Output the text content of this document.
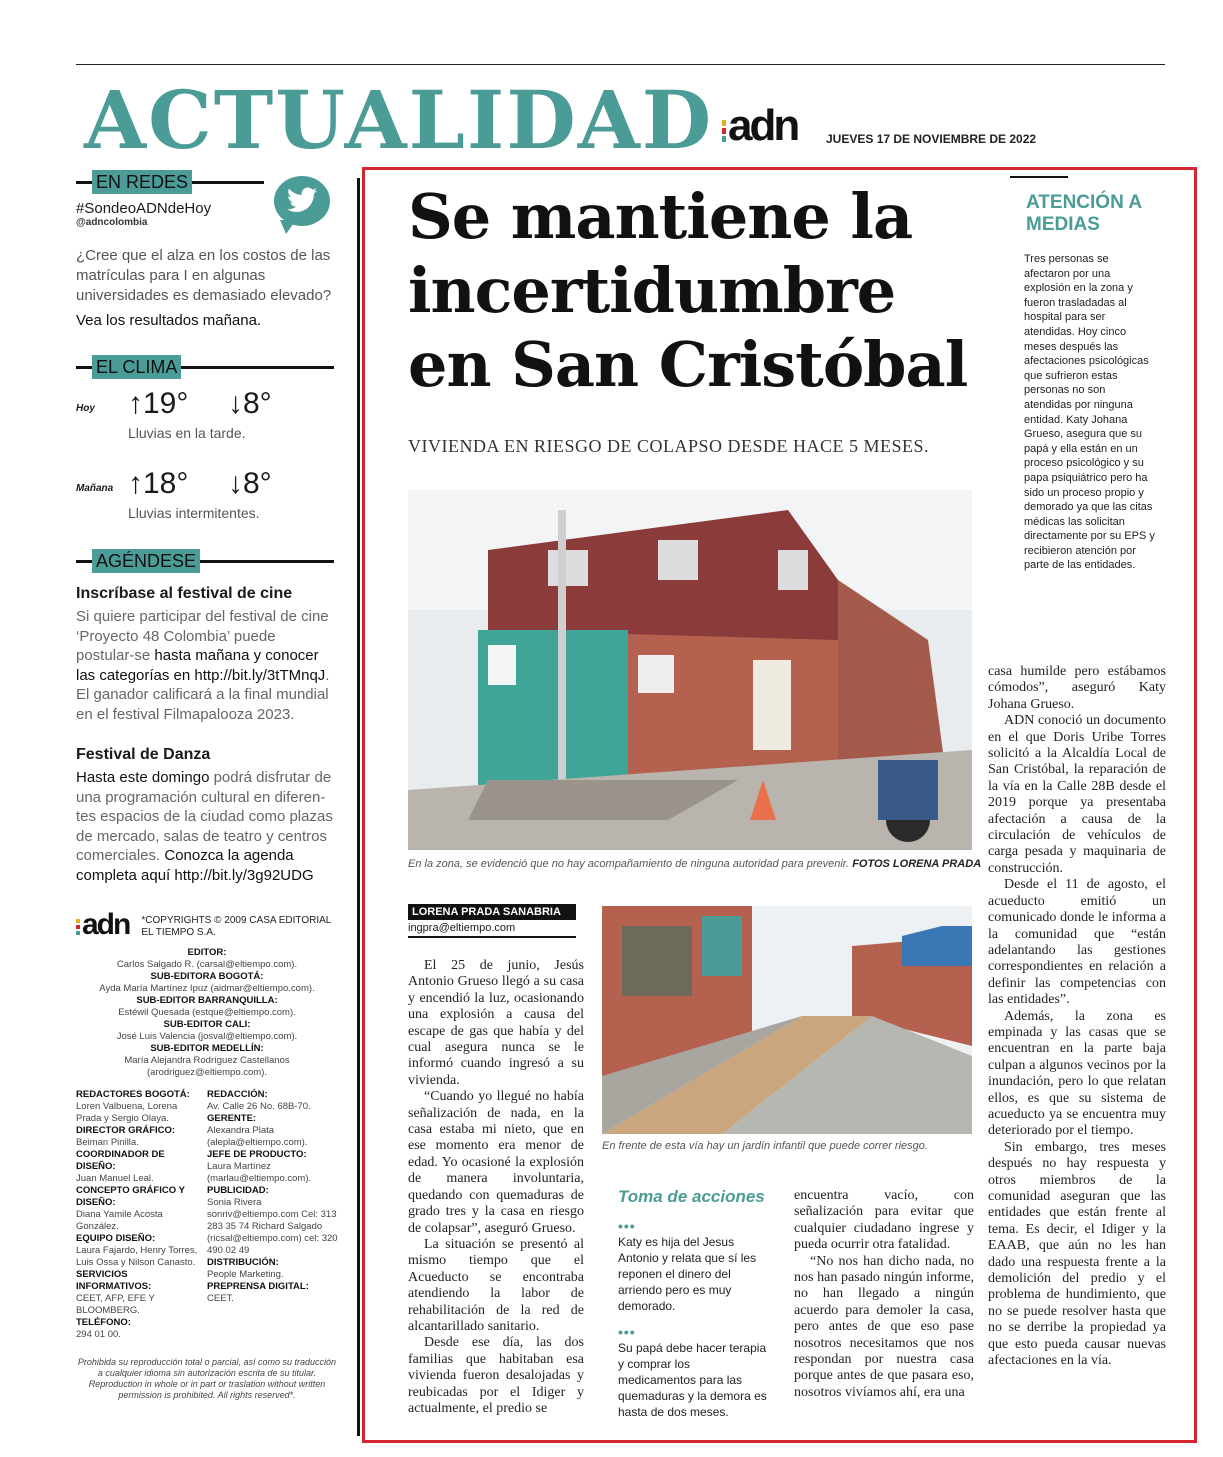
ACTUALIDAD adn JUEVES 17 DE NOVIEMBRE DE 2022
EN REDES
#SondeoADNdeHoy
@adncolombia
¿Cree que el alza en los costos de las matrículas para I en algunas universidades es demasiado elevado?
Vea los resultados mañana.
EL CLIMA
Hoy ↑19° ↓8°
Lluvias en la tarde.
Mañana ↑18° ↓8°
Lluvias intermitentes.
AGÉNDESE
Inscríbase al festival de cine
Si quiere participar del festival de cine ‘Proyecto 48 Colombia’ puede postular-se hasta mañana y conocer las categorías en http://bit.ly/3tTMnqJ. El ganador calificará a la final mundial en el festival Filmapalooza 2023.
Festival de Danza
Hasta este domingo podrá disfrutar de una programación cultural en diferen-tes espacios de la ciudad como plazas de mercado, salas de teatro y centros comerciales. Conozca la agenda completa aquí http://bit.ly/3g92UDG
adn *COPYRIGHTS © 2009 CASA EDITORIAL EL TIEMPO S.A.
EDITOR:
Carlos Salgado R. (carsal@eltiempo.com).
SUB-EDITORA BOGOTÁ:
Ayda María Martínez Ipuz (aidmar@eltiempo.com).
SUB-EDITOR BARRANQUILLA:
Estéwil Quesada (estque@eltiempo.com).
SUB-EDITOR CALI:
José Luis Valencia (josval@eltiempo.com).
SUB-EDITOR MEDELLÍN:
María Alejandra Rodríguez Castellanos (arodriguez@eltiempo.com).
REDACTORES BOGOTÁ:
Loren Valbuena, Lorena Prada y Sergio Olaya.
DIRECTOR GRÁFICO:
Beiman Pinilla.
COORDINADOR DE DISEÑO:
Juan Manuel Leal.
CONCEPTO GRÁFICO Y DISEÑO:
Diana Yamile Acosta González.
EQUIPO DISEÑO:
Laura Fajardo, Henry Torres, Luis Ossa y Nilson Canasto.
SERVICIOS INFORMATIVOS:
CEET, AFP, EFE Y BLOOMBERG.
TELÉFONO:
294 01 00.
REDACCIÓN:
Av. Calle 26 No. 68B-70.
GERENTE:
Alexandra Plata (alepla@eltiempo.com).
JEFE DE PRODUCTO:
Laura Martínez (marlau@eltiempo.com).
PUBLICIDAD:
Sonia Rivera sonriv@eltiempo.com Cel: 313 283 35 74 Richard Salgado (ricsal@eltiempo.com) cel: 320 490 02 49
DISTRIBUCIÓN:
People Marketing.
PREPRENSA DIGITAL:
CEET.
Prohibida su reproducción total o parcial, así como su traducción a cualquier idioma sin autorización escrita de su titular. Reproduction in whole or in part or traslation without written permission is prohibited. All rights reserved*.
Se mantiene la incertidumbre en San Cristóbal
VIVIENDA EN RIESGO DE COLAPSO DESDE HACE 5 MESES.
ATENCIÓN A MEDIAS
Tres personas se afectaron por una explosión en la zona y fueron trasladadas al hospital para ser atendidas. Hoy cinco meses después las afectaciones psicológicas que sufrieron estas personas no son atendidas por ninguna entidad. Katy Johana Grueso, asegura que su papá y ella están en un proceso psicológico y su papa psiquiátrico pero ha sido un proceso propio y demorado ya que las citas médicas las solicitan directamente por su EPS y recibieron atención por parte de las entidades.
En la zona, se evidenció que no hay acompañamiento de ninguna autoridad para prevenir. FOTOS LORENA PRADA
LORENA PRADA SANABRIA
ingpra@eltiempo.com
En frente de esta vía hay un jardín infantil que puede correr riesgo.

El 25 de junio, Jesús Antonio Grueso llegó a su casa y encendió la luz, ocasionando una explosión a causa del escape de gas que había y del cual asegura nunca se le informó cuando ingresó a su vivienda.

“Cuando yo llegué no había señalización de nada, en la casa estaba mi nieto, que en ese momento era menor de edad. Yo ocasioné la explosión de manera involuntaria, quedando con quemaduras de grado tres y la casa en riesgo de colapsar”, aseguró Grueso.

La situación se presentó al mismo tiempo que el Acueducto se encontraba atendiendo la labor de rehabilitación de la red de alcantarillado sanitario.

Desde ese día, las dos familias que habitaban esa vivienda fueron desalojadas y reubicadas por el Idiger y actualmente, el predio se

Toma de acciones
•••
Katy es hija del Jesus Antonio y relata que sí les reponen el dinero del arriendo pero es muy demorado.
•••
Su papá debe hacer terapia y comprar los medicamentos para las quemaduras y la demora es hasta de dos meses.

encuentra vacío, con señalización para evitar que cualquier ciudadano ingrese y pueda ocurrir otra fatalidad.

“No nos han dicho nada, no nos han pasado ningún informe, no han llegado a ningún acuerdo para demoler la casa, pero antes de que eso pase nosotros necesitamos que nos respondan por nuestra casa porque antes de que pasara eso, nosotros vivíamos ahí, era una

casa humilde pero estábamos cómodos”, aseguró Katy Johana Grueso.

ADN conoció un documento en el que Doris Uribe Torres solicitó a la Alcaldía Local de San Cristóbal, la reparación de la vía en la Calle 28B desde el 2019 porque ya presentaba afectación a causa de la circulación de vehículos de carga pesada y maquinaria de construcción.

Desde el 11 de agosto, el acueducto emitió un comunicado donde le informa a la comunidad que “están adelantando las gestiones correspondientes en relación a definir las competencias con las entidades”.

Además, la zona es empinada y las casas que se encuentran en la parte baja culpan a algunos vecinos por la inundación, pero lo que relatan ellos, es que su sistema de acueducto ya se encuentra muy deteriorado por el tiempo.

Sin embargo, tres meses después no hay respuesta y otros miembros de la comunidad aseguran que las entidades que están frente al tema. Es decir, el Idiger y la EAAB, que aún no les han dado una respuesta frente a la demolición del predio y el problema de hundimiento, que no se puede resolver hasta que no se derribe la propiedad ya que esto pueda causar nuevas afectaciones en la vía.
